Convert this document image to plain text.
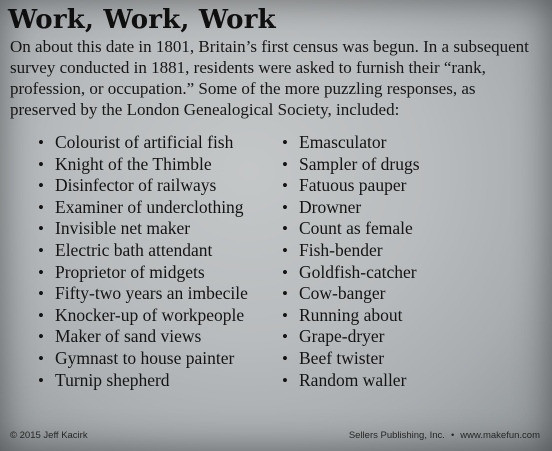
Work, Work, Work

On about this date in 1801, Britain’s first census was begun. In a subsequent survey conducted in 1881, residents were asked to furnish their “rank, profession, or occupation.” Some of the more puzzling responses, as preserved by the London Genealogical Society, included:

• Colourist of artificial fish
• Knight of the Thimble
• Disinfector of railways
• Examiner of underclothing
• Invisible net maker
• Electric bath attendant
• Proprietor of midgets
• Fifty-two years an imbecile
• Knocker-up of workpeople
• Maker of sand views
• Gymnast to house painter
• Turnip shepherd
• Emasculator
• Sampler of drugs
• Fatuous pauper
• Drowner
• Count as female
• Fish-bender
• Goldfish-catcher
• Cow-banger
• Running about
• Grape-dryer
• Beef twister
• Random waller
© 2015 Jeff Kacirk	Sellers Publishing, Inc. • www.makefun.com
